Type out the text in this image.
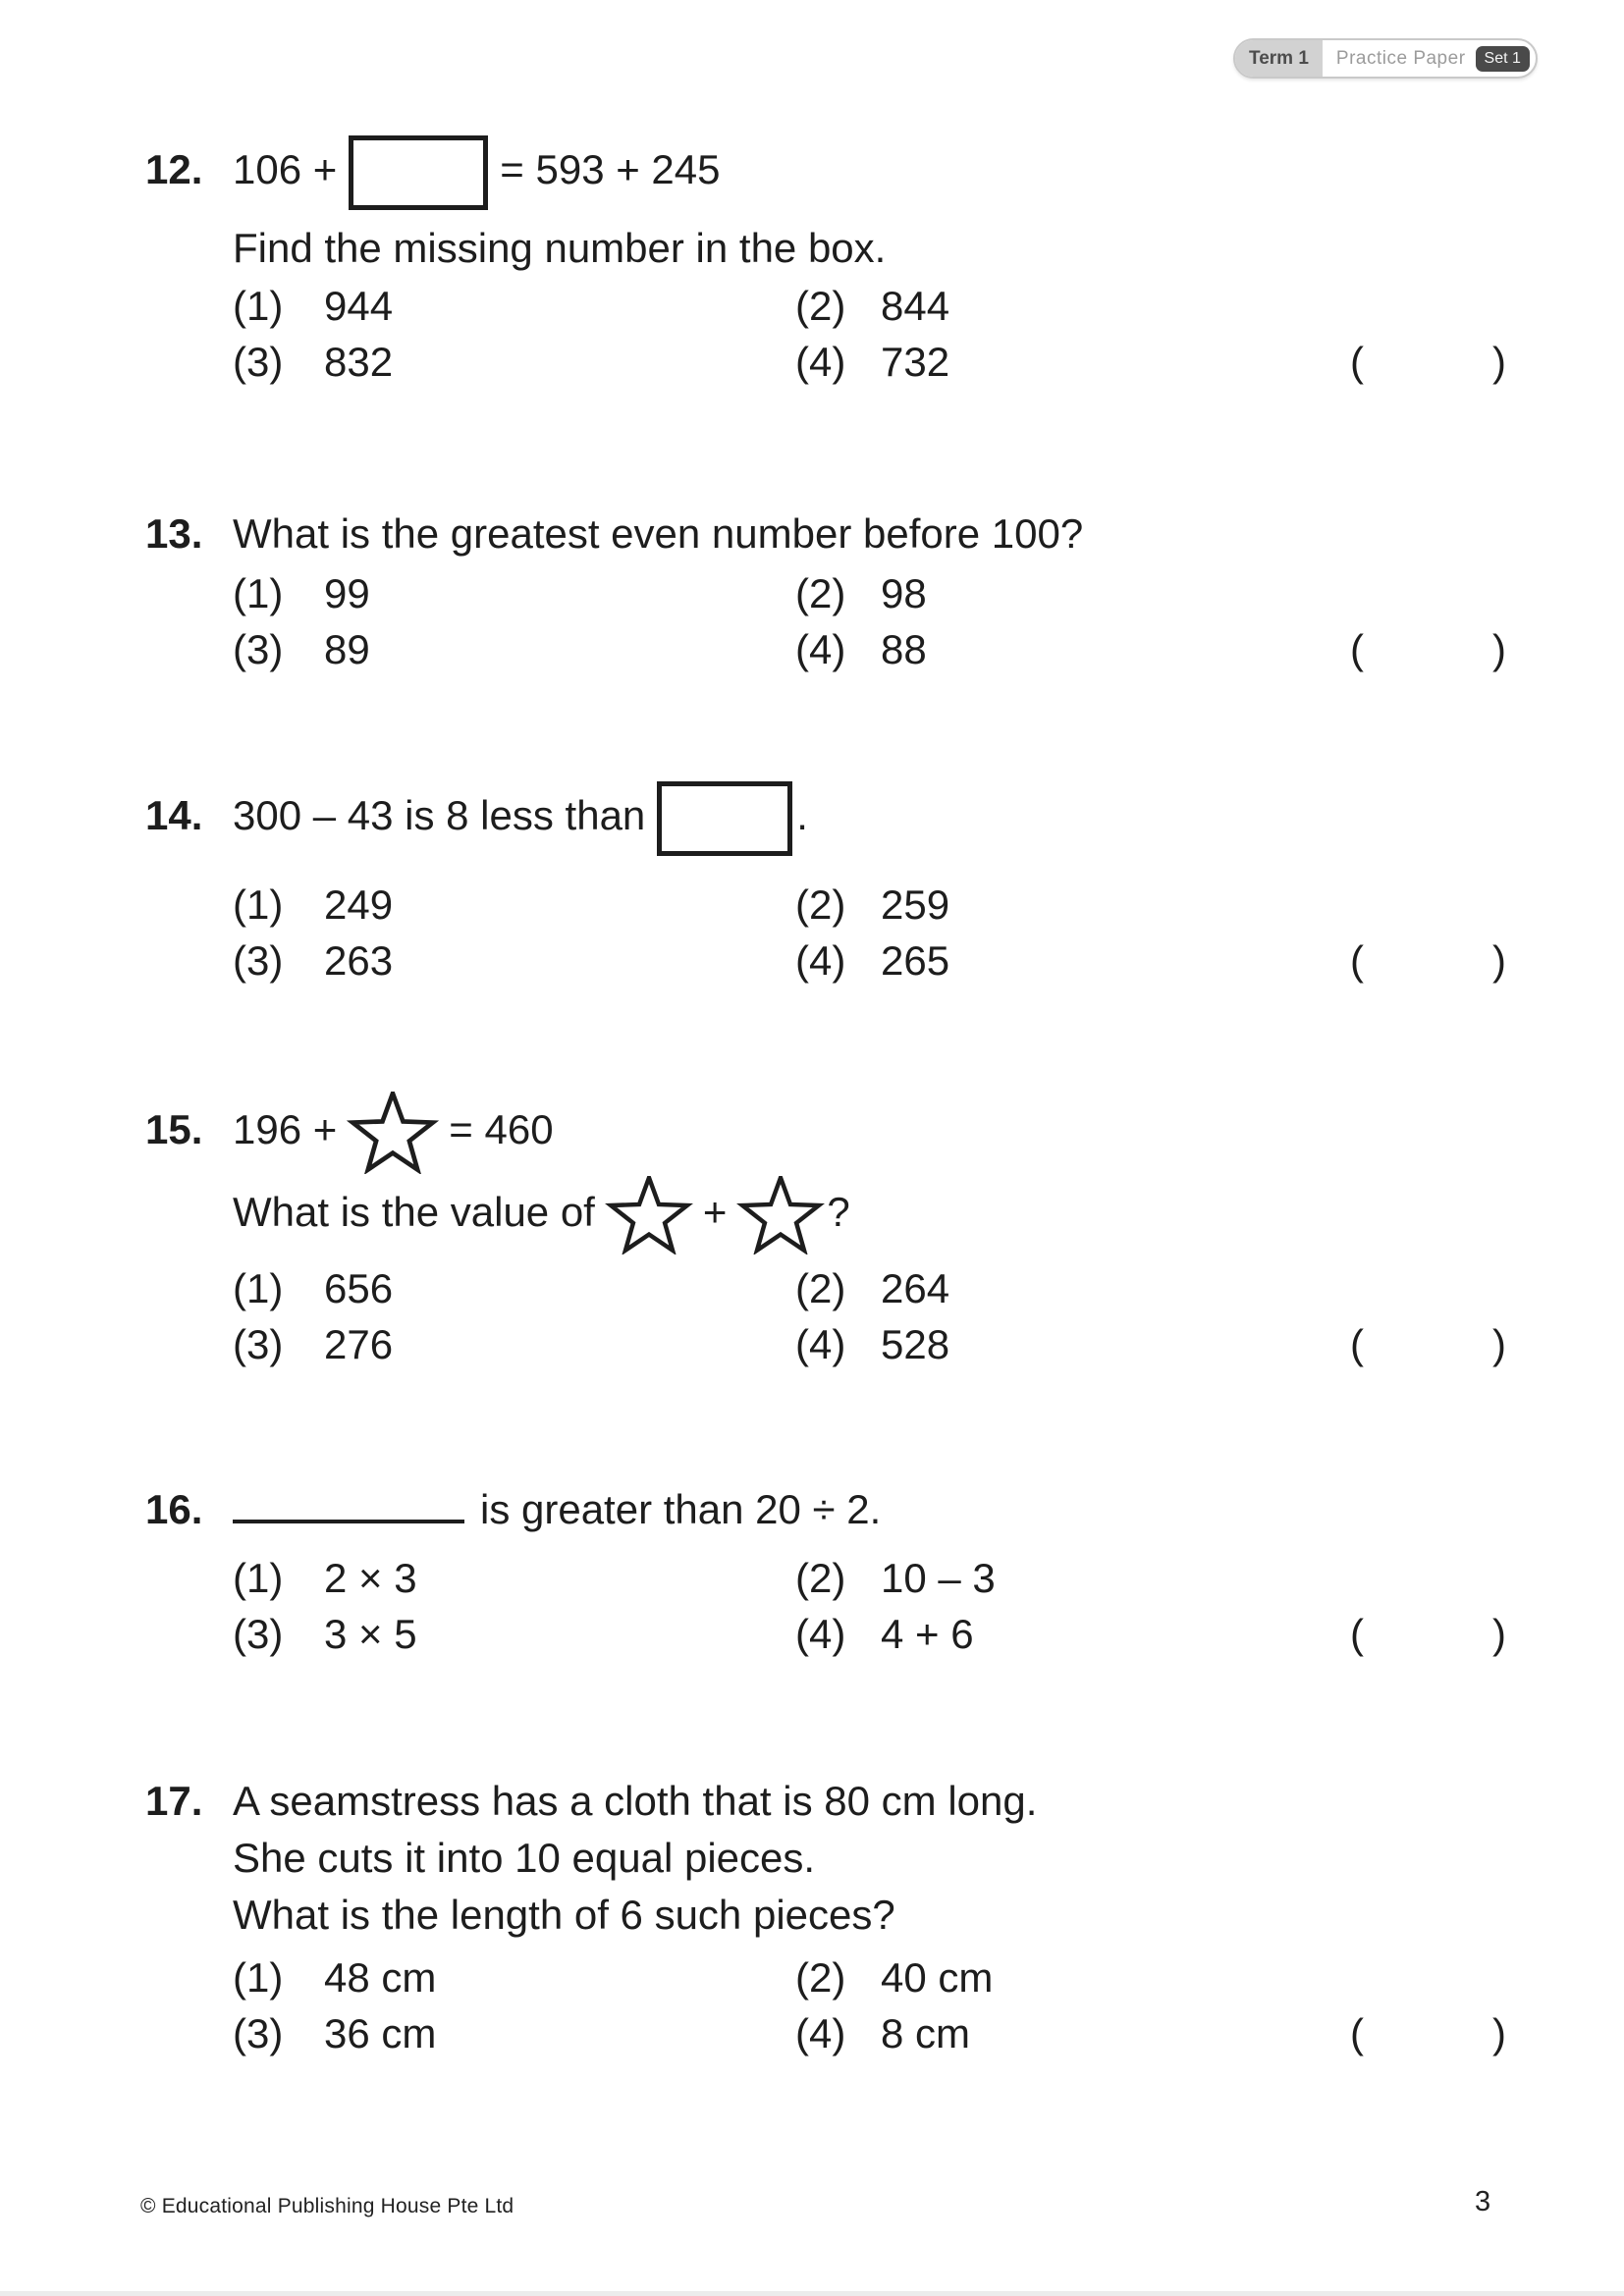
Term 1	Practice Paper	Set 1
12. 106 +	= 593 + 245
Find the missing number in the box.
(1) 944	(2) 844
(3) 832	(4) 732	(	)
13. What is the greatest even number before 100?
(1) 99	(2) 98
(3) 89	(4) 88	(	)
14. 300 – 43 is 8 less than	.
(1) 249	(2) 259
(3) 263	(4) 265	(	)
15. 196 +	= 460
What is the value of	+ ?
(1) 656	(2) 264
(3) 276	(4) 528	(	)
16.	is greater than 20 ÷ 2.
(1) 2 × 3	(2) 10 – 3
(3) 3 × 5	(4) 4 + 6	(	)
17. A seamstress has a cloth that is 80 cm long.
She cuts it into 10 equal pieces.
What is the length of 6 such pieces?
(1) 48 cm	(2) 40 cm
(3) 36 cm	(4) 8 cm	(	)
© Educational Publishing House Pte Ltd	3
